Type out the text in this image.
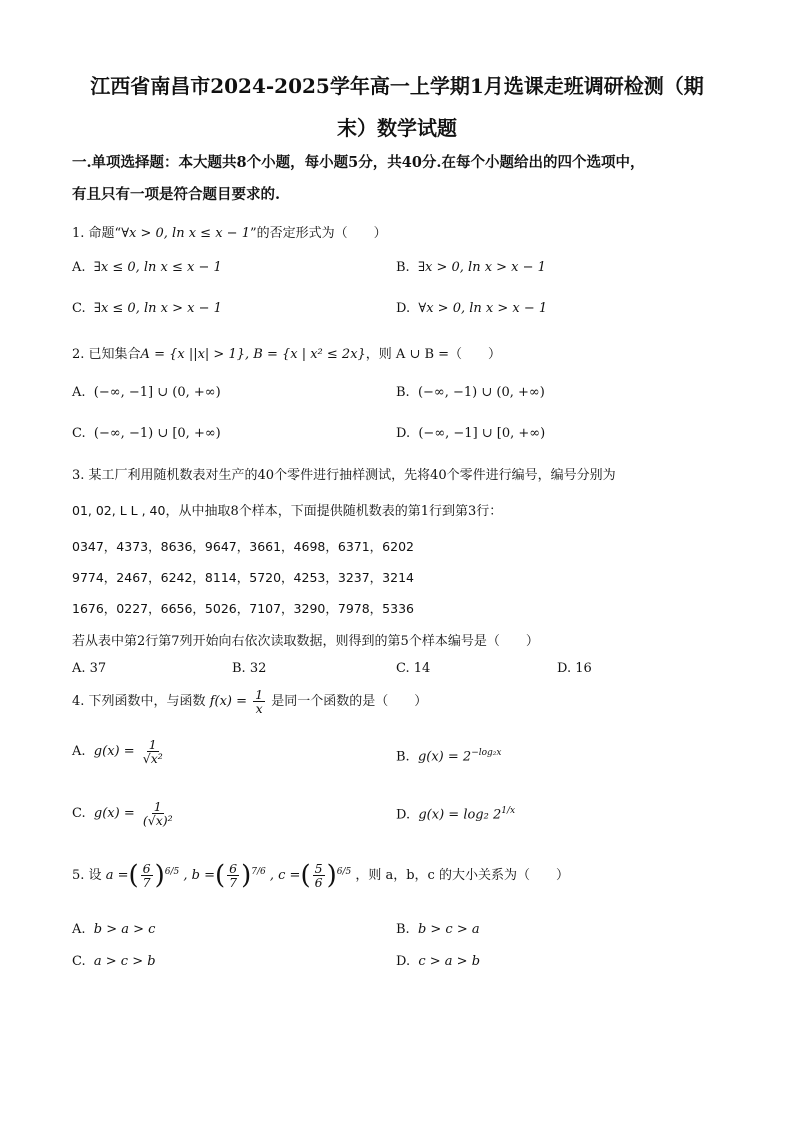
江西省南昌市2024-2025学年高一上学期1月选课走班调研检测（期
末）数学试题
一.单项选择题：本大题共8个小题，每小题5分，共40分.在每个小题给出的四个选项中，
有且只有一项是符合题目要求的.
1. 命题“∀x > 0, ln x ≤ x − 1”的否定形式为（　　）
A. ∃x ≤ 0, ln x ≤ x − 1	B. ∃x > 0, ln x > x − 1
C. ∃x ≤ 0, ln x > x − 1	D. ∀x > 0, ln x > x − 1
2. 已知集合A = {x ||x| > 1}, B = {x | x² ≤ 2x}，则 A ∪ B =（　　）
A. (−∞, −1] ∪ (0, +∞)	B. (−∞, −1) ∪ (0, +∞)
C. (−∞, −1) ∪ [0, +∞)	D. (−∞, −1] ∪ [0, +∞)
3. 某工厂利用随机数表对生产的40个零件进行抽样测试，先将40个零件进行编号，编号分别为
01, 02, L L , 40，从中抽取8个样本，下面提供随机数表的第1行到第3行：
0347，4373，8636，9647，3661，4698，6371，6202
9774，2467，6242，8114，5720，4253，3237，3214
1676，0227，6656，5026，7107，3290，7978，5336
若从表中第2行第7列开始向右依次读取数据，则得到的第5个样本编号是（　　）
A. 37	B. 32	C. 14	D. 16
4. 下列函数中，与函数 $f(x) = \frac{1}{x}$ 是同一个函数的是（　　）
A. $g(x) = \frac{1}{\text{√x²}}$	B. $g(x) = 2^{-log_2x}$
C. $g(x) = \frac{1}{\text{(√x)²}}$	D. g(x) = log₂ $2^{1/x}$
5. 设 a =( $\frac{6}{7} )^{6/5}$ , b =( $\frac{6}{7} )^{7/6}$ , c =( $\frac{5}{6} )^{6/5}$ ，则 a，b，c 的大小关系为（　　）
A. b > a > c	B. b > c > a
C. a > c > b	D. c > a > b
